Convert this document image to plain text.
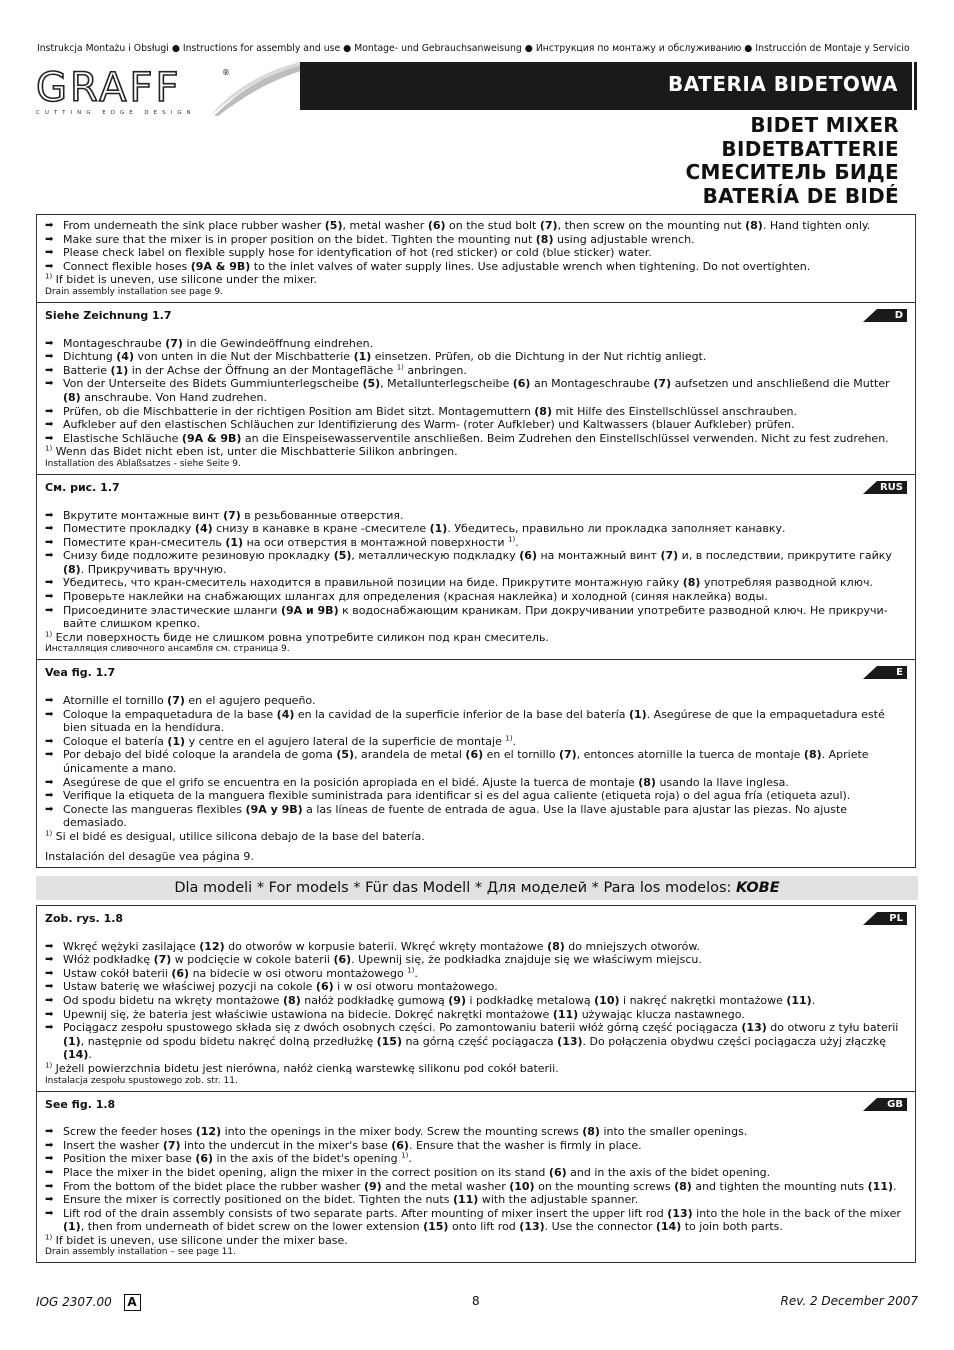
Instrukcja Montażu i Obsługi ● Instructions for assembly and use ● Montage- und Gebrauchsanweisung ● Инструкция по монтажу и обслуживанию ● Instrucción de Montaje y Servicio
GRAFF
CUTTING EDGE DESIGN
®	BATERIA BIDETOWA
BIDET MIXER
BIDETBATTERIE
СМЕСИТЕЛЬ БИДЕ
BATERÍA DE BIDÉ
➡ From underneath the sink place rubber washer (5), metal washer (6) on the stud bolt (7), then screw on the mounting nut (8). Hand tighten only.
➡ Make sure that the mixer is in proper position on the bidet. Tighten the mounting nut (8) using adjustable wrench.
➡ Please check label on flexible supply hose for identyfication of hot (red sticker) or cold (blue sticker) water.
➡ Connect flexible hoses (9A & 9B) to the inlet valves of water supply lines. Use adjustable wrench when tightening. Do not overtighten.
$^{1)}$ If bidet is uneven, use silicone under the mixer.
Drain assembly installation see page 9.
Siehe Zeichnung 1.7	D
➡ Montageschraube (7) in die Gewindeöffnung eindrehen.
➡ Dichtung (4) von unten in die Nut der Mischbatterie (1) einsetzen. Prüfen, ob die Dichtung in der Nut richtig anliegt.
➡ Batterie (1) in der Achse der Öffnung an der Montagefläche $^{1)}$ anbringen.
➡ Von der Unterseite des Bidets Gummiunterlegscheibe (5), Metallunterlegscheibe (6) an Montageschraube (7) aufsetzen und anschließend die Mutter (8) anschraube. Von Hand zudrehen.
➡ Prüfen, ob die Mischbatterie in der richtigen Position am Bidet sitzt. Montagemuttern (8) mit Hilfe des Einstellschlüssel anschrauben.
➡ Aufkleber auf den elastischen Schläuchen zur Identifizierung des Warm- (roter Aufkleber) und Kaltwassers (blauer Aufkleber) prüfen.
➡ Elastische Schläuche (9A & 9B) an die Einspeisewasserventile anschließen. Beim Zudrehen den Einstellschlüssel verwenden. Nicht zu fest zudrehen.
$^{1)}$ Wenn das Bidet nicht eben ist, unter die Mischbatterie Silikon anbringen.
Installation des Ablaßsatzes - siehe Seite 9.
См. рис. 1.7	RUS
➡ Вкрутите монтажные винт (7) в резьбованные отверстия.
➡ Поместите прокладку (4) снизу в канавке в кране -смесителе (1). Убедитесь, правильно ли прокладка заполняет канавку.
➡ Поместите кран-смеситель (1) на оси отверстия в монтажной поверхности $^{1)}$.
➡ Снизу биде подложите резиновую прокладку (5), металлическую подкладку (6) на монтажный винт (7) и, в последствии, прикрутите гайку (8). Прикручивать вручную.
➡ Убедитесь, что кран-смеситель находится в правильной позиции на биде. Прикрутите монтажную гайку (8) употребляя разводной ключ.
➡ Проверьте наклейки на снабжающих шлангах для определения (красная наклейка) и холодной (синяя наклейка) воды.
➡ Присоедините эластические шланги (9A и 9B) к водоснабжающим краникам. При докручивании употребите разводной ключ. Не прикручи-вайте слишком крепко.
$^{1)}$ Если поверхность биде не слишком ровна употребите силикон под кран смеситель.
Инсталляция сливочного ансамбля см. страница 9.
Vea fig. 1.7	E
➡ Atornille el tornillo (7) en el agujero pequeño.
➡ Coloque la empaquetadura de la base (4) en la cavidad de la superficie inferior de la base del batería (1). Asegúrese de que la empaquetadura esté bien situada en la hendidura.
➡ Coloque el batería (1) y centre en el agujero lateral de la superficie de montaje $^{1)}$.
➡ Por debajo del bidé coloque la arandela de goma (5), arandela de metal (6) en el tornillo (7), entonces atornille la tuerca de montaje (8). Apriete únicamente a mano.
➡ Asegúrese de que el grifo se encuentra en la posición apropiada en el bidé. Ajuste la tuerca de montaje (8) usando la llave inglesa.
➡ Verifique la etiqueta de la manguera flexible suministrada para identificar si es del agua caliente (etiqueta roja) o del agua fría (etiqueta azul).
➡ Conecte las mangueras flexibles (9A y 9B) a las líneas de fuente de entrada de agua. Use la llave ajustable para ajustar las piezas. No ajuste demasiado.
$^{1)}$ Si el bidé es desigual, utilice silicona debajo de la base del batería.
Instalación del desagüe vea página 9.
Dla modeli * For models * Für das Modell * Для моделей * Para los modelos: KOBE
Zob. rys. 1.8	PL
➡ Wkręć wężyki zasilające (12) do otworów w korpusie baterii. Wkręć wkręty montażowe (8) do mniejszych otworów.
➡ Włóż podkładkę (7) w podcięcie w cokole baterii (6). Upewnij się, że podkładka znajduje się we właściwym miejscu.
➡ Ustaw cokół baterii (6) na bidecie w osi otworu montażowego $^{1)}$.
➡ Ustaw baterię we właściwej pozycji na cokole (6) i w osi otworu montażowego.
➡ Od spodu bidetu na wkręty montażowe (8) nałóż podkładkę gumową (9) i podkładkę metalową (10) i nakręć nakrętki montażowe (11).
➡ Upewnij się, że bateria jest właściwie ustawiona na bidecie. Dokręć nakrętki montażowe (11) używając klucza nastawnego.
➡ Pociągacz zespołu spustowego składa się z dwóch osobnych części. Po zamontowaniu baterii włóż górną część pociągacza (13) do otworu z tyłu baterii (1), następnie od spodu bidetu nakręć dolną przedłużkę (15) na górną część pociągacza (13). Do połączenia obydwu części pociągacza użyj złączkę (14).
$^{1)}$ Jeżeli powierzchnia bidetu jest nierówna, nałóż cienką warstewkę silikonu pod cokół baterii.
Instalacja zespołu spustowego zob. str. 11.
See fig. 1.8	GB
➡ Screw the feeder hoses (12) into the openings in the mixer body. Screw the mounting screws (8) into the smaller openings.
➡ Insert the washer (7) into the undercut in the mixer's base (6). Ensure that the washer is firmly in place.
➡ Position the mixer base (6) in the axis of the bidet's opening $^{1)}$.
➡ Place the mixer in the bidet opening, align the mixer in the correct position on its stand (6) and in the axis of the bidet opening.
➡ From the bottom of the bidet place the rubber washer (9) and the metal washer (10) on the mounting screws (8) and tighten the mounting nuts (11).
➡ Ensure the mixer is correctly positioned on the bidet. Tighten the nuts (11) with the adjustable spanner.
➡ Lift rod of the drain assembly consists of two separate parts. After mounting of mixer insert the upper lift rod (13) into the hole in the back of the mixer (1), then from underneath of bidet screw on the lower extension (15) onto lift rod (13). Use the connector (14) to join both parts.
$^{1)}$ If bidet is uneven, use silicone under the mixer base.
Drain assembly installation – see page 11.
IOG 2307.00 A	8	Rev. 2 December 2007
